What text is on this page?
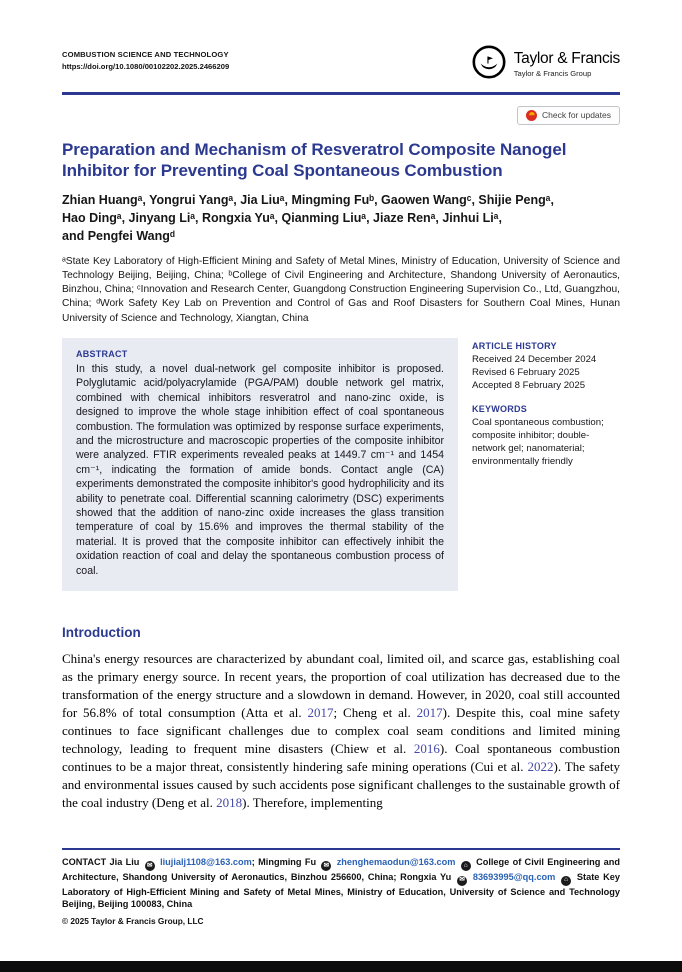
COMBUSTION SCIENCE AND TECHNOLOGY
https://doi.org/10.1080/00102202.2025.2466209	Taylor & Francis
Taylor & Francis Group
Check for updates
Preparation and Mechanism of Resveratrol Composite Nanogel Inhibitor for Preventing Coal Spontaneous Combustion
Zhian Huangᵃ, Yongrui Yangᵃ, Jia Liuᵃ, Mingming Fuᵇ, Gaowen Wangᶜ, Shijie Pengᵃ,
Hao Dingᵃ, Jinyang Liᵃ, Rongxia Yuᵃ, Qianming Liuᵃ, Jiaze Renᵃ, Jinhui Liᵃ,
and Pengfei Wangᵈ
ᵃState Key Laboratory of High-Efficient Mining and Safety of Metal Mines, Ministry of Education, University of Science and Technology Beijing, Beijing, China; ᵇCollege of Civil Engineering and Architecture, Shandong University of Aeronautics, Binzhou, China; ᶜInnovation and Research Center, Guangdong Construction Engineering Supervision Co., Ltd, Guangzhou, China; ᵈWork Safety Key Lab on Prevention and Control of Gas and Roof Disasters for Southern Coal Mines, Hunan University of Science and Technology, Xiangtan, China
ABSTRACT
In this study, a novel dual-network gel composite inhibitor is proposed. Polyglutamic acid/polyacrylamide (PGA/PAM) double network gel matrix, combined with chemical inhibitors resveratrol and nano-zinc oxide, is designed to improve the whole stage inhibition effect of coal spontaneous combustion. The formulation was optimized by response surface experiments, and the microstructure and macroscopic properties of the composite inhibitor were analyzed. FTIR experiments revealed peaks at 1449.7 cm⁻¹ and 1454 cm⁻¹, indicating the formation of amide bonds. Contact angle (CA) experiments demonstrated the composite inhibitor's good hydrophilicity and its ability to penetrate coal. Differential scanning calorimetry (DSC) experiments showed that the addition of nano-zinc oxide increases the glass transition temperature of coal by 15.6% and improves the thermal stability of the material. It is proved that the composite inhibitor can effectively inhibit the oxidation reaction of coal and delay the spontaneous combustion process of coal.
ARTICLE HISTORY
Received 24 December 2024
Revised 6 February 2025
Accepted 8 February 2025
KEYWORDS
Coal spontaneous combustion; composite inhibitor; double-network gel; nanomaterial; environmentally friendly
Introduction
China's energy resources are characterized by abundant coal, limited oil, and scarce gas, establishing coal as the primary energy source. In recent years, the proportion of coal utilization has decreased due to the transformation of the energy structure and a slowdown in demand. However, in 2020, coal still accounted for 56.8% of total consumption (Atta et al. 2017; Cheng et al. 2017). Despite this, coal mine safety continues to face significant challenges due to complex coal seam conditions and limited mining technology, leading to frequent mine disasters (Chiew et al. 2016). Coal spontaneous combustion continues to be a major threat, consistently hindering safe mining operations (Cui et al. 2022). The safety and environmental issues caused by such accidents pose significant challenges to the sustainable growth of the coal industry (Deng et al. 2018). Therefore, implementing
CONTACT Jia Liu ✉ liujialj1108@163.com; Mingming Fu ✉ zhenghemaodun@163.com ⌂ College of Civil Engineering and Architecture, Shandong University of Aeronautics, Binzhou 256600, China; Rongxia Yu ✉ 83693995@qq.com ⌂ State Key Laboratory of High-Efficient Mining and Safety of Metal Mines, Ministry of Education, University of Science and Technology Beijing, Beijing 100083, China
© 2025 Taylor & Francis Group, LLC
